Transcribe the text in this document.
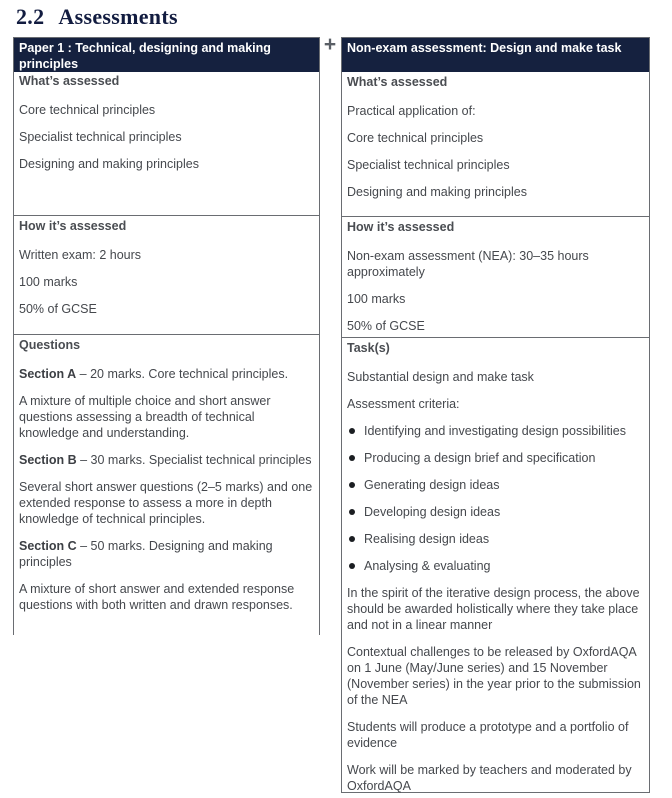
2.2 Assessments
+
Paper 1 : Technical, designing and making principles
What’s assessed
Core technical principles
Specialist technical principles
Designing and making principles
How it’s assessed
Written exam: 2 hours
100 marks
50% of GCSE
Questions
Section A – 20 marks. Core technical principles.
A mixture of multiple choice and short answer questions assessing a breadth of technical knowledge and understanding.
Section B – 30 marks. Specialist technical principles
Several short answer questions (2–5 marks) and one extended response to assess a more in depth knowledge of technical principles.
Section C – 50 marks. Designing and making principles
A mixture of short answer and extended response questions with both written and drawn responses.
Non-exam assessment: Design and make task
What’s assessed
Practical application of:
Core technical principles
Specialist technical principles
Designing and making principles
How it’s assessed
Non-exam assessment (NEA): 30–35 hours approximately
100 marks
50% of GCSE
Task(s)
Substantial design and make task
Assessment criteria:
Identifying and investigating design possibilities
Producing a design brief and specification
Generating design ideas
Developing design ideas
Realising design ideas
Analysing & evaluating
In the spirit of the iterative design process, the above should be awarded holistically where they take place and not in a linear manner
Contextual challenges to be released by OxfordAQA on 1 June (May/June series) and 15 November (November series) in the year prior to the submission of the NEA
Students will produce a prototype and a portfolio of evidence
Work will be marked by teachers and moderated by OxfordAQA
